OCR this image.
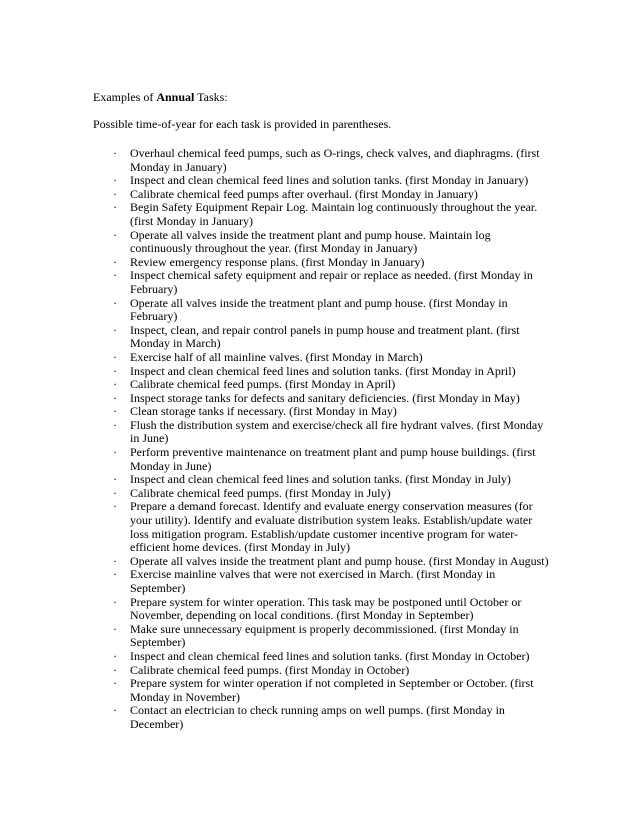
Examples of Annual Tasks:

Possible time-of-year for each task is provided in parentheses.

· Overhaul chemical feed pumps, such as O-rings, check valves, and diaphragms. (first Monday in January)
· Inspect and clean chemical feed lines and solution tanks. (first Monday in January)
· Calibrate chemical feed pumps after overhaul. (first Monday in January)
· Begin Safety Equipment Repair Log. Maintain log continuously throughout the year. (first Monday in January)
· Operate all valves inside the treatment plant and pump house. Maintain log continuously throughout the year. (first Monday in January)
· Review emergency response plans. (first Monday in January)
· Inspect chemical safety equipment and repair or replace as needed. (first Monday in February)
· Operate all valves inside the treatment plant and pump house. (first Monday in February)
· Inspect, clean, and repair control panels in pump house and treatment plant. (first Monday in March)
· Exercise half of all mainline valves. (first Monday in March)
· Inspect and clean chemical feed lines and solution tanks. (first Monday in April)
· Calibrate chemical feed pumps. (first Monday in April)
· Inspect storage tanks for defects and sanitary deficiencies. (first Monday in May)
· Clean storage tanks if necessary. (first Monday in May)
· Flush the distribution system and exercise/check all fire hydrant valves. (first Monday in June)
· Perform preventive maintenance on treatment plant and pump house buildings. (first Monday in June)
· Inspect and clean chemical feed lines and solution tanks. (first Monday in July)
· Calibrate chemical feed pumps. (first Monday in July)
· Prepare a demand forecast. Identify and evaluate energy conservation measures (for your utility). Identify and evaluate distribution system leaks. Establish/update water loss mitigation program. Establish/update customer incentive program for water-efficient home devices. (first Monday in July)
· Operate all valves inside the treatment plant and pump house. (first Monday in August)
· Exercise mainline valves that were not exercised in March. (first Monday in September)
· Prepare system for winter operation. This task may be postponed until October or November, depending on local conditions. (first Monday in September)
· Make sure unnecessary equipment is properly decommissioned. (first Monday in September)
· Inspect and clean chemical feed lines and solution tanks. (first Monday in October)
· Calibrate chemical feed pumps. (first Monday in October)
· Prepare system for winter operation if not completed in September or October. (first Monday in November)
· Contact an electrician to check running amps on well pumps. (first Monday in December)
